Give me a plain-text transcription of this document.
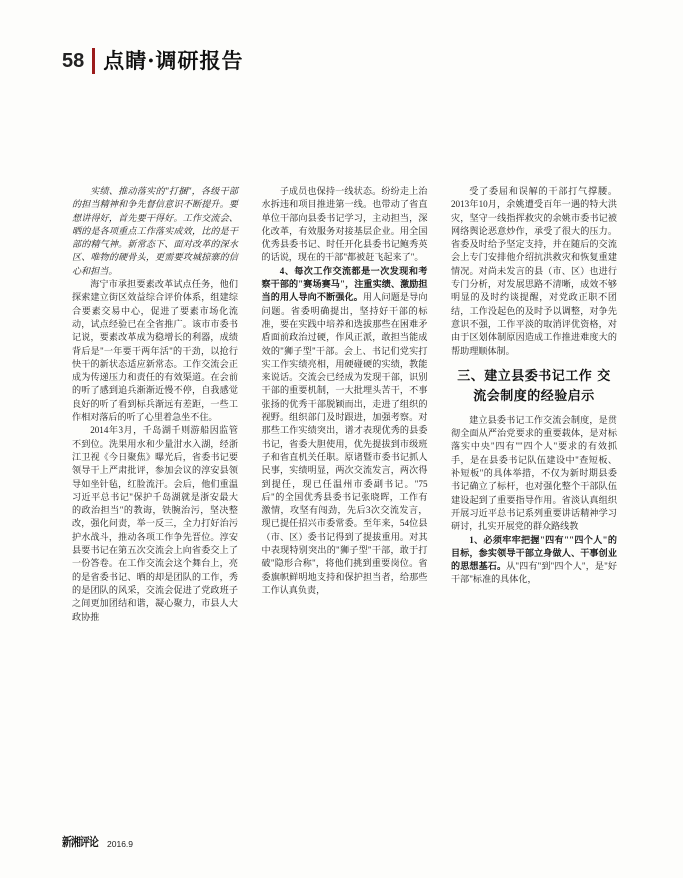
58 点睛·调研报告

实绩、推动落实的"打捆"，各级干部的担当精神和争先督信意识不断提升。要想讲得好，首先要干得好。工作交流会、晒的是各项重点工作落实成效，比的是干部的精气神。新常态下、面对改革的深水区、唯物的硬骨头，更需要攻城掠寨的信心和担当。

海宁市承担要素改革试点任务，他们探索建立街区效益综合评价体系，组建综合要素交易中心，促进了要素市场化流动，试点经验已在全省推广。该市市委书记说，要素改革成为稳增长的利器，成绩背后是"一年要干两年活"的干劲，以抢行快干的新状态适应新常态。工作交流会正成为传递压力和责任的有效渠道。在会前的听了感到追兵渐渐近慢不停，自我感觉良好的听了看到标兵渐远有差距，一些工作相对落后的听了心里着急坐不住。

2014年3月，千岛湖千则游船因监管不到位。洗果用水和少量泔水入湖，经浙江卫视《今日聚焦》曝光后，省委书记要领导干上严肃批评，参加会议的淳安县领导如坐针毡，红脸流汗。会后，他们重温习近平总书记"保护千岛湖就是浙安最大的政治担当"的教诲，铁腕治污，坚决整改，强化问责，举一反三，全力打好治污护水战斗，推动各项工作争先晋位。淳安县要书记在第五次交流会上向省委交上了一份答卷。在工作交流会这个舞台上，亮的是省委书记、晒的却是团队的工作，秀的是团队的风采，交流会促进了党政班子之间更加团结和谐，凝心聚力，市县人大政协推

子成员也保持一线状态。纷纷走上治水拆违和项目推进第一线。也带动了省直单位干部向县委书记学习，主动担当，深化改革，有效服务对接基层企业。用全国优秀县委书记、时任开化县委书记鲍秀英的话说，现在的干部"都被赶飞起来了"。

4、每次工作交流都是一次发现和考察干部的"赛场赛马"，注重实绩、激励担当的用人导向不断强化。用人问题是导向问题。省委明确提出，坚持好干部的标准，要在实践中培养和选拔那些在困难矛盾面前政治过硬，作风正派，敢担当能成效的"狮子型"干部。会上、书记们党实打实工作实绩亮相，用硬碰硬的实绩，教能来说话。交流会已经成为发现干部，识别干部的重要机制，一大批埋头苦干，不事张扬的优秀干部脱颖而出，走进了组织的视野。组织部门及时跟进，加强考察。对那些工作实绩突出，谱才表现优秀的县委书记，省委大胆使用，优先提拔到市级班子和省直机关任职。原诸暨市委书记抓人民事，实绩明显，两次交流发言，两次得到提任，现已任温州市委副书记。"75后"的全国优秀县委书记张晓晖，工作有激情，攻坚有闯劲，先后3次交流发言，现已提任招兴市委常委。至年来，54位县（市、区）委书记得到了提拔重用。对其中表现特别突出的"狮子型"干部，敢于打破"隐形合称"，将他们挑到重要岗位。省委旗帜鲜明地支持和保护担当者，给那些工作认真负责，

受了委屈和误解的干部打气撑腰。2013年10月，余姚遭受百年一遇的特大洪灾，坚守一线指挥救灾的余姚市委书记被网络舆论恶意炒作，承受了很大的压力。省委及时给予坚定支持，并在随后的交流会上专门安排他介绍抗洪救灾和恢复重建情况。对尚未发言的县（市、区）也进行专门分析，对发展思路不清晰，成效不够明显的及时约谈提醒，对党政正职不团结，工作没起色的及时予以调整，对争先意识不强，工作平淡的取消评优资格，对由于区划体制原因造成工作推进难度大的帮助理顺体制。

三、建立县委书记工作 交流会制度的经验启示

建立县委书记工作交流会制度，是贯彻全面从严治党要求的重要载体，是对标落实中央"四有""四个人"要求的有效抓手，是在县委书记队伍建设中"查短板、补短板"的具体举措，不仅为新时期县委书记确立了标杆，也对强化整个干部队伍建设起到了重要指导作用。省淡认真组织开展习近平总书记系列重要讲话精神学习研讨，扎实开展党的群众路线教

1、必须牢牢把握"四有""四个人"的目标，参实领导干部立身做人、干事创业的思想基石。从"四有"到"四个人"，是"好干部"标准的具体化，

新湘评论 2016.9
